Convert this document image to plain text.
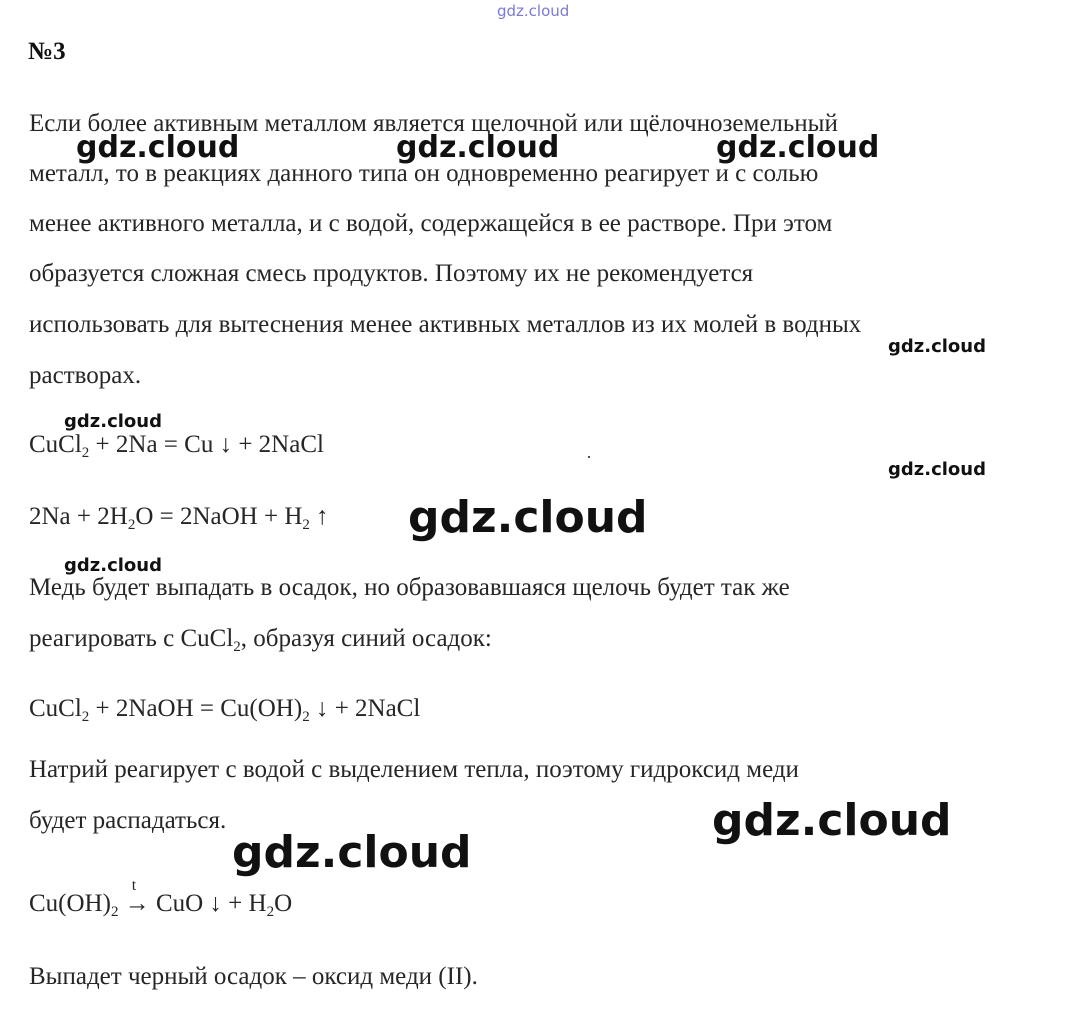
gdz.cloud
№3
Если более активным металлом является щелочной или щёлочноземельный
металл, то в реакциях данного типа он одновременно реагирует и с солью
менее активного металла, и с водой, содержащейся в ее растворе. При этом
образуется сложная смесь продуктов. Поэтому их не рекомендуется
использовать для вытеснения менее активных металлов из их молей в водных
растворах.
CuCl$_2$ + 2Na = Cu ↓ + 2NaCl
$2Na + 2H_2O$ = 2NaOH + $H_2$ ↑
Медь будет выпадать в осадок, но образовавшаяся щелочь будет так же
реагировать с CuCl$_2$, образуя синий осадок:
CuCl$_2$ + 2NaOH = $Cu(OH)_2$ ↓ + 2NaCl
Натрий реагирует с водой с выделением тепла, поэтому гидроксид меди
будет распадаться.
$Cu(OH)_2$
t
→ CuO ↓ + $H_2O$
Выпадет черный осадок – оксид меди (II).
gdz.cloud	gdz.cloud	gdz.cloud
gdz.cloud
gdz.cloud
gdz.cloud
gdz.cloud
gdz.cloud
gdz.cloud
gdz.cloud
